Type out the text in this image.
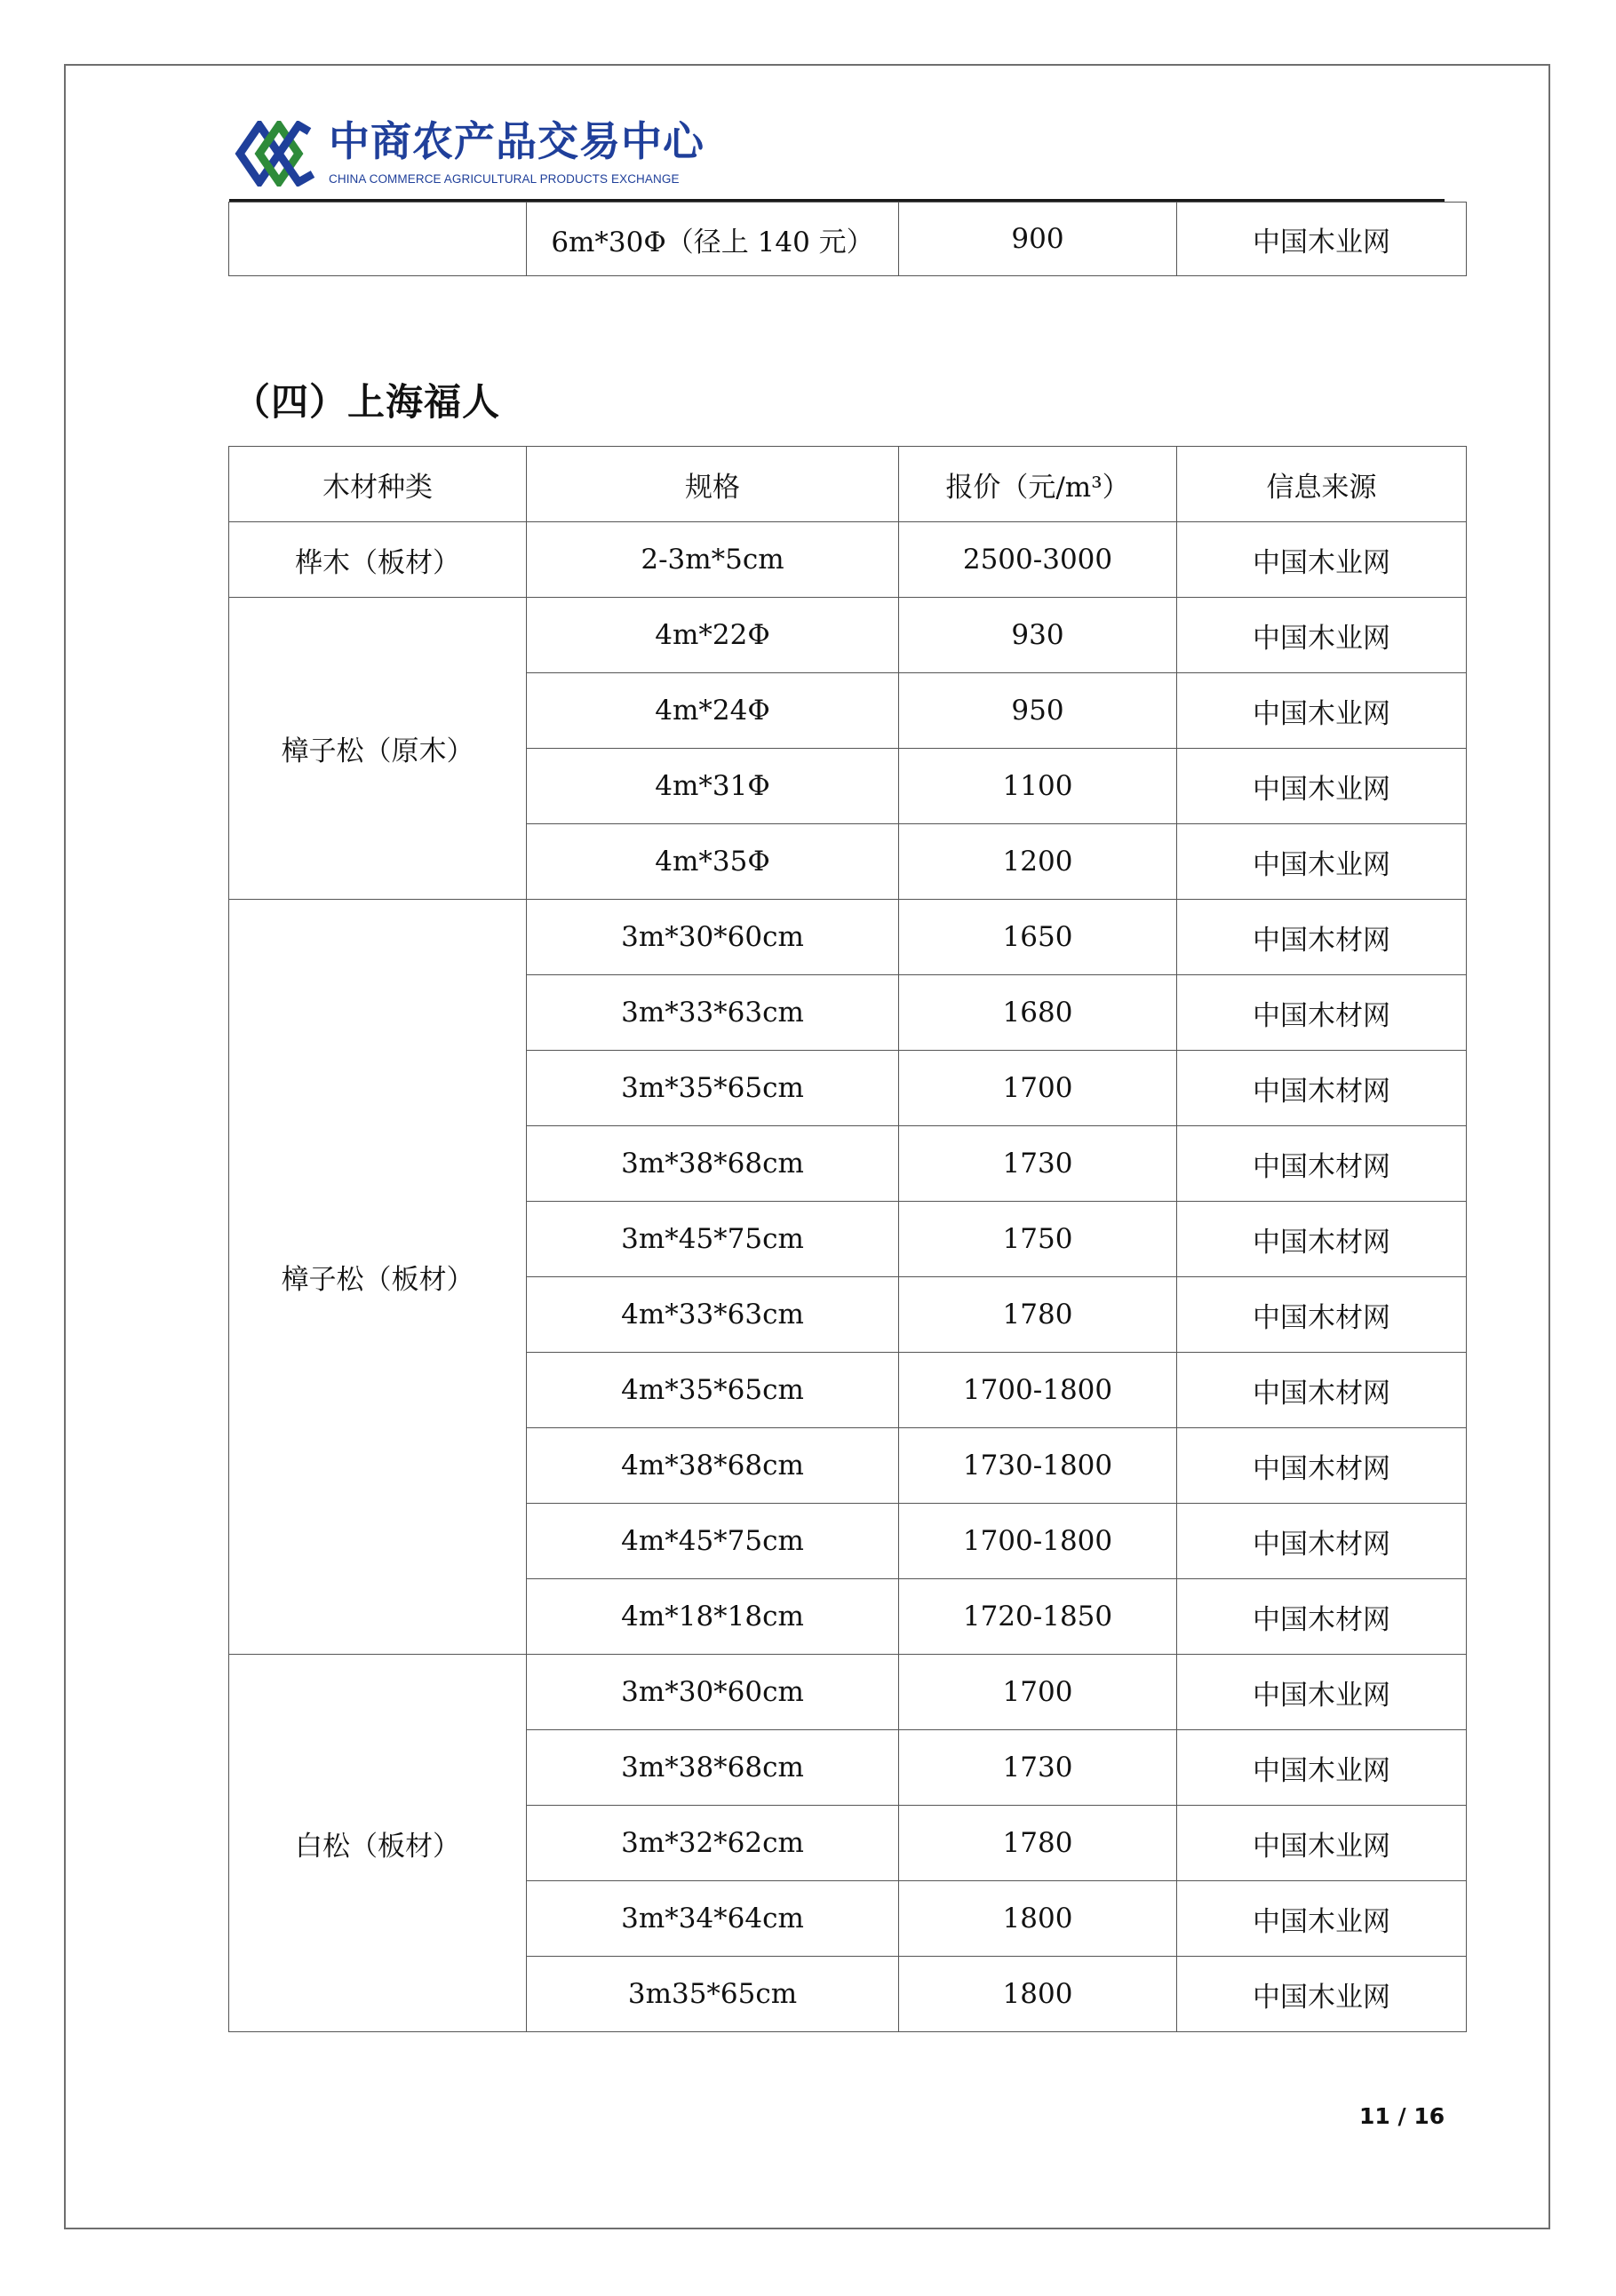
中商农产品交易中心
CHINA COMMERCE AGRICULTURAL PRODUCTS EXCHANGE
	6m*30Φ（径上 140 元）	900	中国木业网
（四）上海福人
木材种类	规格	报价（元/m³）	信息来源
桦木（板材）	2-3m*5cm	2500-3000	中国木业网
樟子松（原木）	4m*22Φ	930	中国木业网
	4m*24Φ	950	中国木业网
	4m*31Φ	1100	中国木业网
	4m*35Φ	1200	中国木业网
樟子松（板材）	3m*30*60cm	1650	中国木材网
	3m*33*63cm	1680	中国木材网
	3m*35*65cm	1700	中国木材网
	3m*38*68cm	1730	中国木材网
	3m*45*75cm	1750	中国木材网
	4m*33*63cm	1780	中国木材网
	4m*35*65cm	1700-1800	中国木材网
	4m*38*68cm	1730-1800	中国木材网
	4m*45*75cm	1700-1800	中国木材网
	4m*18*18cm	1720-1850	中国木材网
白松（板材）	3m*30*60cm	1700	中国木业网
	3m*38*68cm	1730	中国木业网
	3m*32*62cm	1780	中国木业网
	3m*34*64cm	1800	中国木业网
	3m35*65cm	1800	中国木业网
11 / 16
